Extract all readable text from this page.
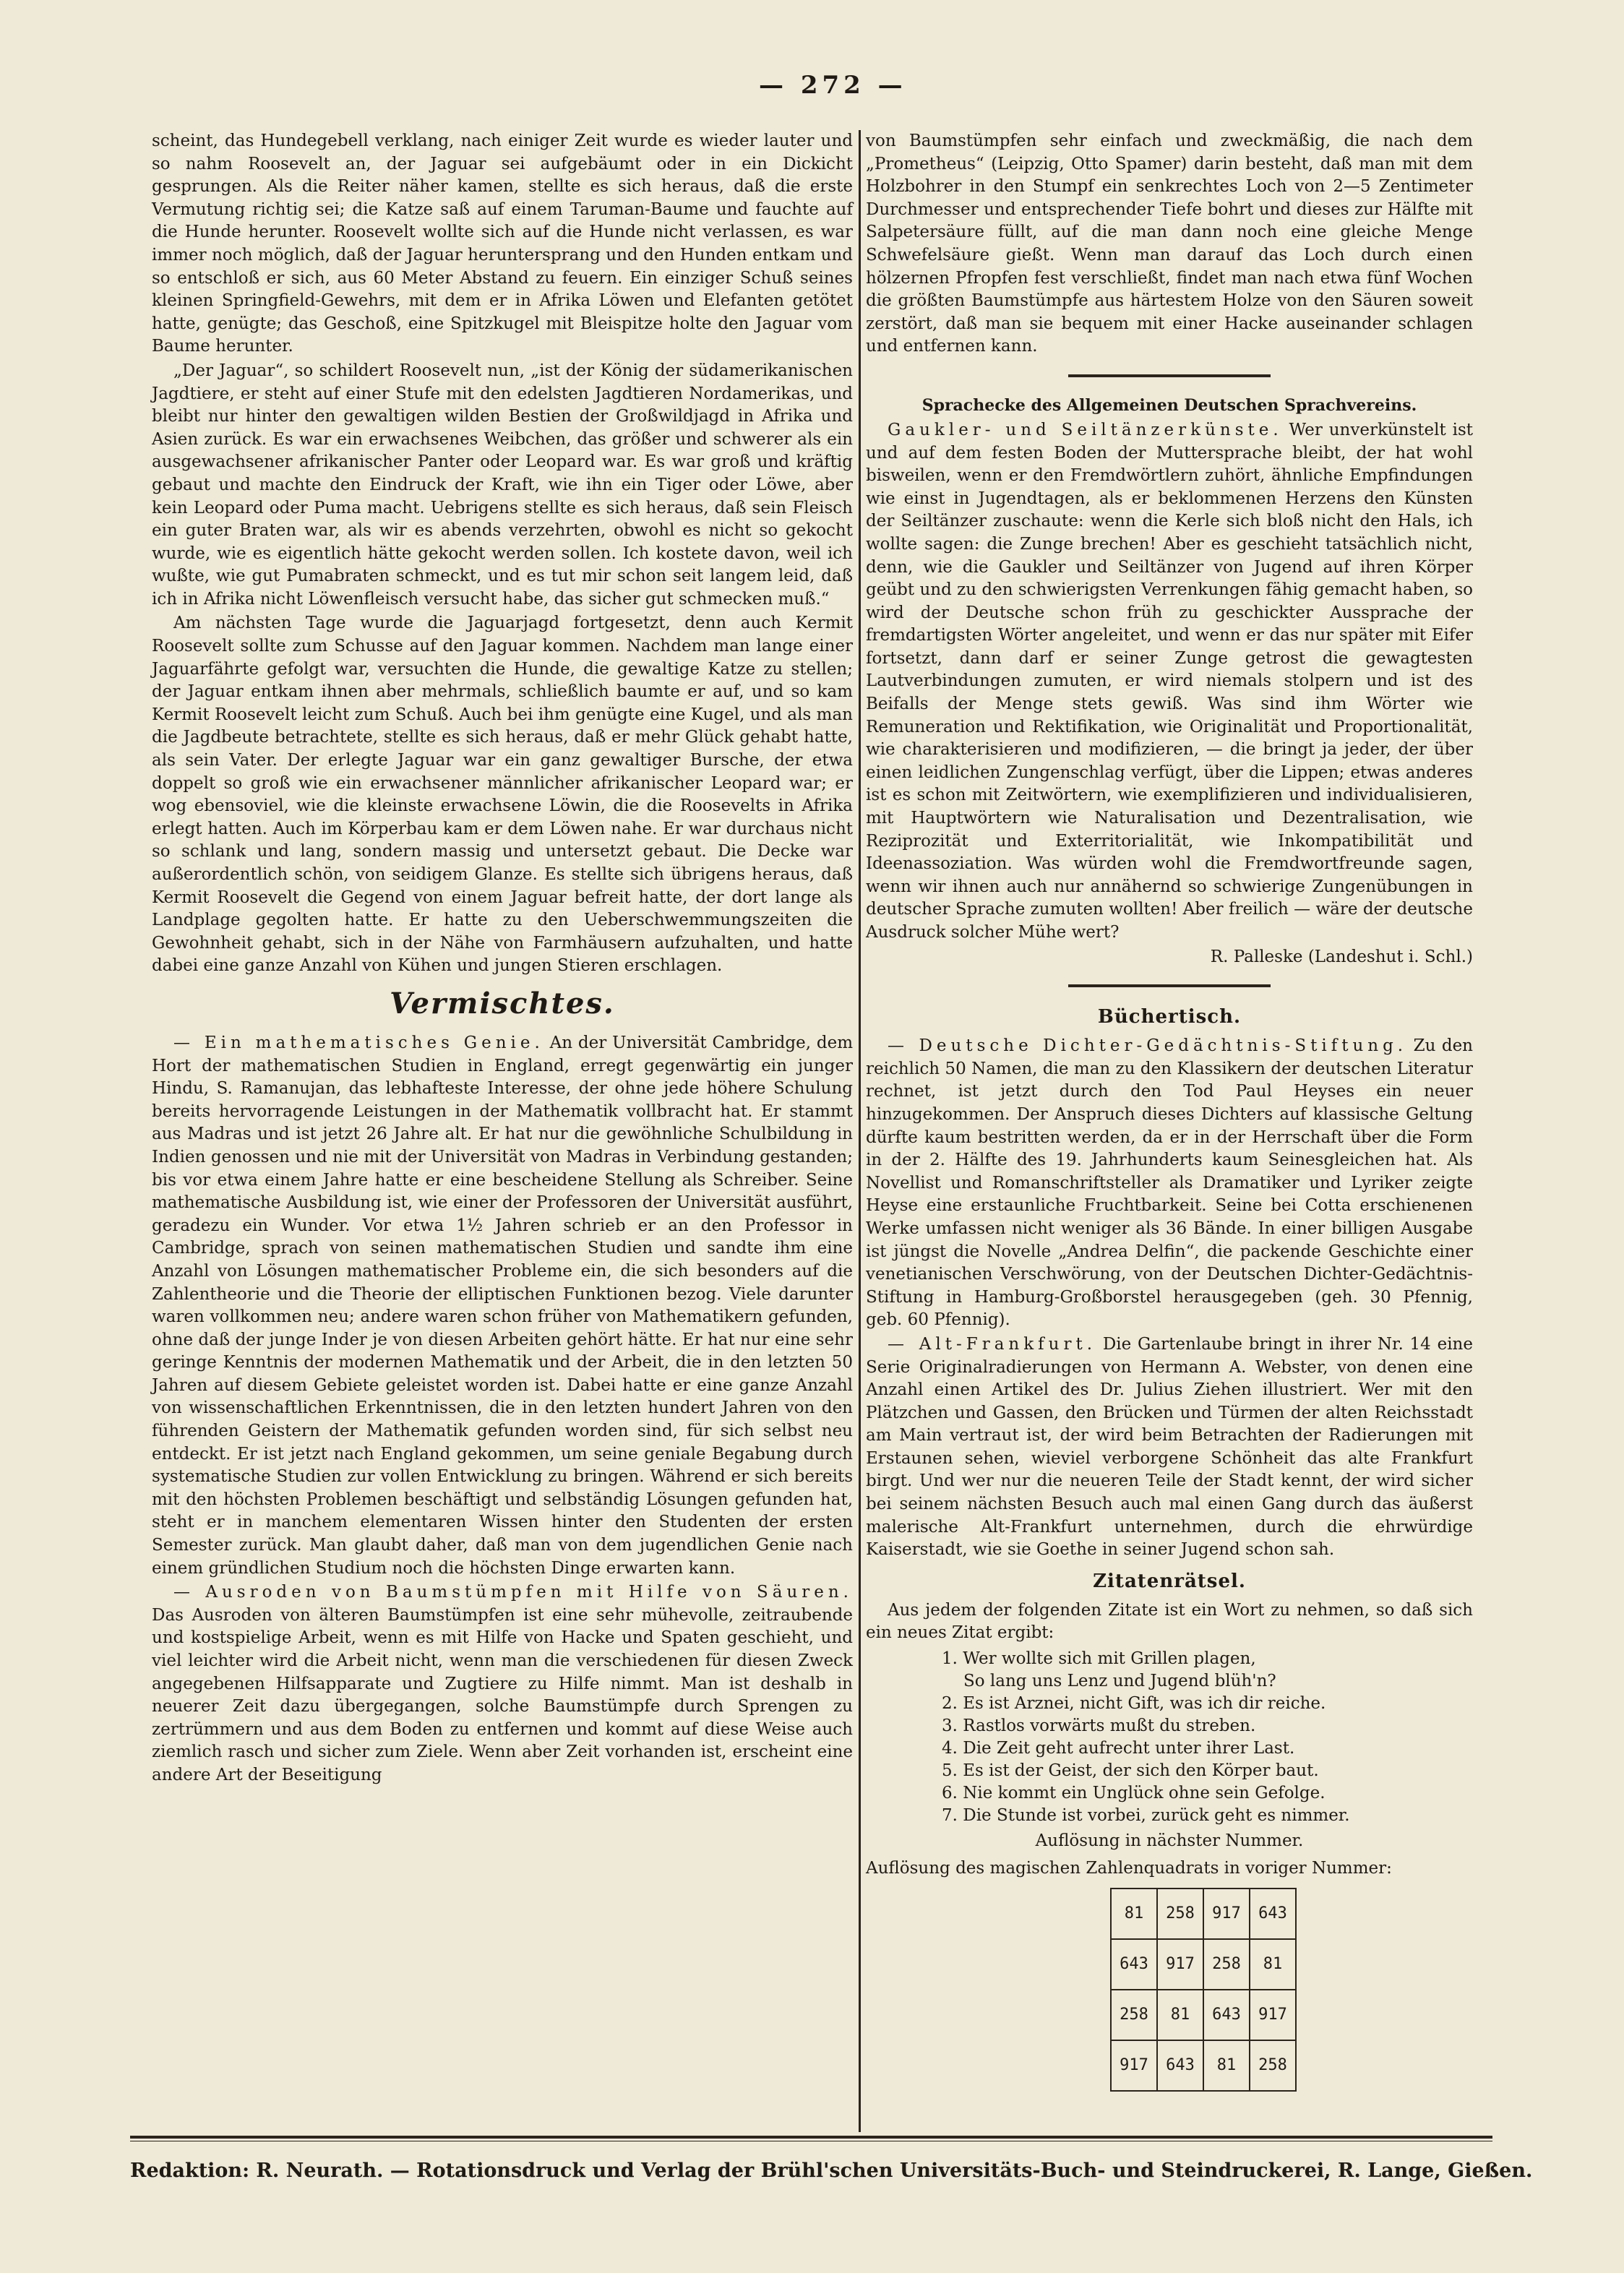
— 272 —

scheint, das Hundegebell verklang, nach einiger Zeit wurde es wieder lauter und so nahm Roosevelt an, der Jaguar sei aufgebäumt oder in ein Dickicht gesprungen. Als die Reiter näher kamen, stellte es sich heraus, daß die erste Vermutung richtig sei; die Katze saß auf einem Taruman-Baume und fauchte auf die Hunde herunter. Roosevelt wollte sich auf die Hunde nicht verlassen, es war immer noch möglich, daß der Jaguar heruntersprang und den Hunden entkam und so entschloß er sich, aus 60 Meter Abstand zu feuern. Ein einziger Schuß seines kleinen Springfield-Gewehrs, mit dem er in Afrika Löwen und Elefanten getötet hatte, genügte; das Geschoß, eine Spitzkugel mit Bleispitze holte den Jaguar vom Baume herunter.

„Der Jaguar“, so schildert Roosevelt nun, „ist der König der südamerikanischen Jagdtiere, er steht auf einer Stufe mit den edelsten Jagdtieren Nordamerikas, und bleibt nur hinter den gewaltigen wilden Bestien der Großwildjagd in Afrika und Asien zurück. Es war ein erwachsenes Weibchen, das größer und schwerer als ein ausgewachsener afrikanischer Panter oder Leopard war. Es war groß und kräftig gebaut und machte den Eindruck der Kraft, wie ihn ein Tiger oder Löwe, aber kein Leopard oder Puma macht. Uebrigens stellte es sich heraus, daß sein Fleisch ein guter Braten war, als wir es abends verzehrten, obwohl es nicht so gekocht wurde, wie es eigentlich hätte gekocht werden sollen. Ich kostete davon, weil ich wußte, wie gut Pumabraten schmeckt, und es tut mir schon seit langem leid, daß ich in Afrika nicht Löwenfleisch versucht habe, das sicher gut schmecken muß.“

Am nächsten Tage wurde die Jaguarjagd fortgesetzt, denn auch Kermit Roosevelt sollte zum Schusse auf den Jaguar kommen. Nachdem man lange einer Jaguarfährte gefolgt war, versuchten die Hunde, die gewaltige Katze zu stellen; der Jaguar entkam ihnen aber mehrmals, schließlich baumte er auf, und so kam Kermit Roosevelt leicht zum Schuß. Auch bei ihm genügte eine Kugel, und als man die Jagdbeute betrachtete, stellte es sich heraus, daß er mehr Glück gehabt hatte, als sein Vater. Der erlegte Jaguar war ein ganz gewaltiger Bursche, der etwa doppelt so groß wie ein erwachsener männlicher afrikanischer Leopard war; er wog ebensoviel, wie die kleinste erwachsene Löwin, die die Roosevelts in Afrika erlegt hatten. Auch im Körperbau kam er dem Löwen nahe. Er war durchaus nicht so schlank und lang, sondern massig und untersetzt gebaut. Die Decke war außerordentlich schön, von seidigem Glanze. Es stellte sich übrigens heraus, daß Kermit Roosevelt die Gegend von einem Jaguar befreit hatte, der dort lange als Landplage gegolten hatte. Er hatte zu den Ueberschwemmungszeiten die Gewohnheit gehabt, sich in der Nähe von Farmhäusern aufzuhalten, und hatte dabei eine ganze Anzahl von Kühen und jungen Stieren erschlagen.

Vermischtes.

— Ein mathematisches Genie. An der Universität Cambridge, dem Hort der mathematischen Studien in England, erregt gegenwärtig ein junger Hindu, S. Ramanujan, das lebhafteste Interesse, der ohne jede höhere Schulung bereits hervorragende Leistungen in der Mathematik vollbracht hat. Er stammt aus Madras und ist jetzt 26 Jahre alt. Er hat nur die gewöhnliche Schulbildung in Indien genossen und nie mit der Universität von Madras in Verbindung gestanden; bis vor etwa einem Jahre hatte er eine bescheidene Stellung als Schreiber. Seine mathematische Ausbildung ist, wie einer der Professoren der Universität ausführt, geradezu ein Wunder. Vor etwa 1½ Jahren schrieb er an den Professor in Cambridge, sprach von seinen mathematischen Studien und sandte ihm eine Anzahl von Lösungen mathematischer Probleme ein, die sich besonders auf die Zahlentheorie und die Theorie der elliptischen Funktionen bezog. Viele darunter waren vollkommen neu; andere waren schon früher von Mathematikern gefunden, ohne daß der junge Inder je von diesen Arbeiten gehört hätte. Er hat nur eine sehr geringe Kenntnis der modernen Mathematik und der Arbeit, die in den letzten 50 Jahren auf diesem Gebiete geleistet worden ist. Dabei hatte er eine ganze Anzahl von wissenschaftlichen Erkenntnissen, die in den letzten hundert Jahren von den führenden Geistern der Mathematik gefunden worden sind, für sich selbst neu entdeckt. Er ist jetzt nach England gekommen, um seine geniale Begabung durch systematische Studien zur vollen Entwicklung zu bringen. Während er sich bereits mit den höchsten Problemen beschäftigt und selbständig Lösungen gefunden hat, steht er in manchem elementaren Wissen hinter den Studenten der ersten Semester zurück. Man glaubt daher, daß man von dem jugendlichen Genie nach einem gründlichen Studium noch die höchsten Dinge erwarten kann.

— Ausroden von Baumstümpfen mit Hilfe von Säuren. Das Ausroden von älteren Baumstümpfen ist eine sehr mühevolle, zeitraubende und kostspielige Arbeit, wenn es mit Hilfe von Hacke und Spaten geschieht, und viel leichter wird die Arbeit nicht, wenn man die verschiedenen für diesen Zweck angegebenen Hilfsapparate und Zugtiere zu Hilfe nimmt. Man ist deshalb in neuerer Zeit dazu übergegangen, solche Baumstümpfe durch Sprengen zu zertrümmern und aus dem Boden zu entfernen und kommt auf diese Weise auch ziemlich rasch und sicher zum Ziele. Wenn aber Zeit vorhanden ist, erscheint eine andere Art der Beseitigung

von Baumstümpfen sehr einfach und zweckmäßig, die nach dem „Prometheus“ (Leipzig, Otto Spamer) darin besteht, daß man mit dem Holzbohrer in den Stumpf ein senkrechtes Loch von 2—5 Zentimeter Durchmesser und entsprechender Tiefe bohrt und dieses zur Hälfte mit Salpetersäure füllt, auf die man dann noch eine gleiche Menge Schwefelsäure gießt. Wenn man darauf das Loch durch einen hölzernen Pfropfen fest verschließt, findet man nach etwa fünf Wochen die größten Baumstümpfe aus härtestem Holze von den Säuren soweit zerstört, daß man sie bequem mit einer Hacke auseinander schlagen und entfernen kann.

Sprachecke des Allgemeinen Deutschen Sprachvereins.

Gaukler- und Seiltänzerkünste. Wer unverkünstelt ist und auf dem festen Boden der Muttersprache bleibt, der hat wohl bisweilen, wenn er den Fremdwörtlern zuhört, ähnliche Empfindungen wie einst in Jugendtagen, als er beklommenen Herzens den Künsten der Seiltänzer zuschaute: wenn die Kerle sich bloß nicht den Hals, ich wollte sagen: die Zunge brechen! Aber es geschieht tatsächlich nicht, denn, wie die Gaukler und Seiltänzer von Jugend auf ihren Körper geübt und zu den schwierigsten Verrenkungen fähig gemacht haben, so wird der Deutsche schon früh zu geschickter Aussprache der fremdartigsten Wörter angeleitet, und wenn er das nur später mit Eifer fortsetzt, dann darf er seiner Zunge getrost die gewagtesten Lautverbindungen zumuten, er wird niemals stolpern und ist des Beifalls der Menge stets gewiß. Was sind ihm Wörter wie Remuneration und Rektifikation, wie Originalität und Proportionalität, wie charakterisieren und modifizieren, — die bringt ja jeder, der über einen leidlichen Zungenschlag verfügt, über die Lippen; etwas anderes ist es schon mit Zeitwörtern, wie exemplifizieren und individualisieren, mit Hauptwörtern wie Naturalisation und Dezentralisation, wie Reziprozität und Exterritorialität, wie Inkompatibilität und Ideenassoziation. Was würden wohl die Fremdwortfreunde sagen, wenn wir ihnen auch nur annähernd so schwierige Zungenübungen in deutscher Sprache zumuten wollten! Aber freilich — wäre der deutsche Ausdruck solcher Mühe wert?

R. Palleske (Landeshut i. Schl.)

Büchertisch.

— Deutsche Dichter-Gedächtnis-Stiftung. Zu den reichlich 50 Namen, die man zu den Klassikern der deutschen Literatur rechnet, ist jetzt durch den Tod Paul Heyses ein neuer hinzugekommen. Der Anspruch dieses Dichters auf klassische Geltung dürfte kaum bestritten werden, da er in der Herrschaft über die Form in der 2. Hälfte des 19. Jahrhunderts kaum Seinesgleichen hat. Als Novellist und Romanschriftsteller als Dramatiker und Lyriker zeigte Heyse eine erstaunliche Fruchtbarkeit. Seine bei Cotta erschienenen Werke umfassen nicht weniger als 36 Bände. In einer billigen Ausgabe ist jüngst die Novelle „Andrea Delfin“, die packende Geschichte einer venetianischen Verschwörung, von der Deutschen Dichter-Gedächtnis-Stiftung in Hamburg-Großborstel herausgegeben (geh. 30 Pfennig, geb. 60 Pfennig).

— Alt-Frankfurt. Die Gartenlaube bringt in ihrer Nr. 14 eine Serie Originalradierungen von Hermann A. Webster, von denen eine Anzahl einen Artikel des Dr. Julius Ziehen illustriert. Wer mit den Plätzchen und Gassen, den Brücken und Türmen der alten Reichsstadt am Main vertraut ist, der wird beim Betrachten der Radierungen mit Erstaunen sehen, wieviel verborgene Schönheit das alte Frankfurt birgt. Und wer nur die neueren Teile der Stadt kennt, der wird sicher bei seinem nächsten Besuch auch mal einen Gang durch das äußerst malerische Alt-Frankfurt unternehmen, durch die ehrwürdige Kaiserstadt, wie sie Goethe in seiner Jugend schon sah.

Zitatenrätsel.

Aus jedem der folgenden Zitate ist ein Wort zu nehmen, so daß sich ein neues Zitat ergibt:

1. Wer wollte sich mit Grillen plagen,
So lang uns Lenz und Jugend blüh'n?
2. Es ist Arznei, nicht Gift, was ich dir reiche.
3. Rastlos vorwärts mußt du streben.
4. Die Zeit geht aufrecht unter ihrer Last.
5. Es ist der Geist, der sich den Körper baut.
6. Nie kommt ein Unglück ohne sein Gefolge.
7. Die Stunde ist vorbei, zurück geht es nimmer.
Auflösung in nächster Nummer.

Auflösung des magischen Zahlenquadrats in voriger Nummer:

81	258	917	643
643	917	258	81
258	81	643	917
917	643	81	258
Redaktion: R. Neurath. — Rotationsdruck und Verlag der Brühl'schen Universitäts-Buch- und Steindruckerei, R. Lange, Gießen.
